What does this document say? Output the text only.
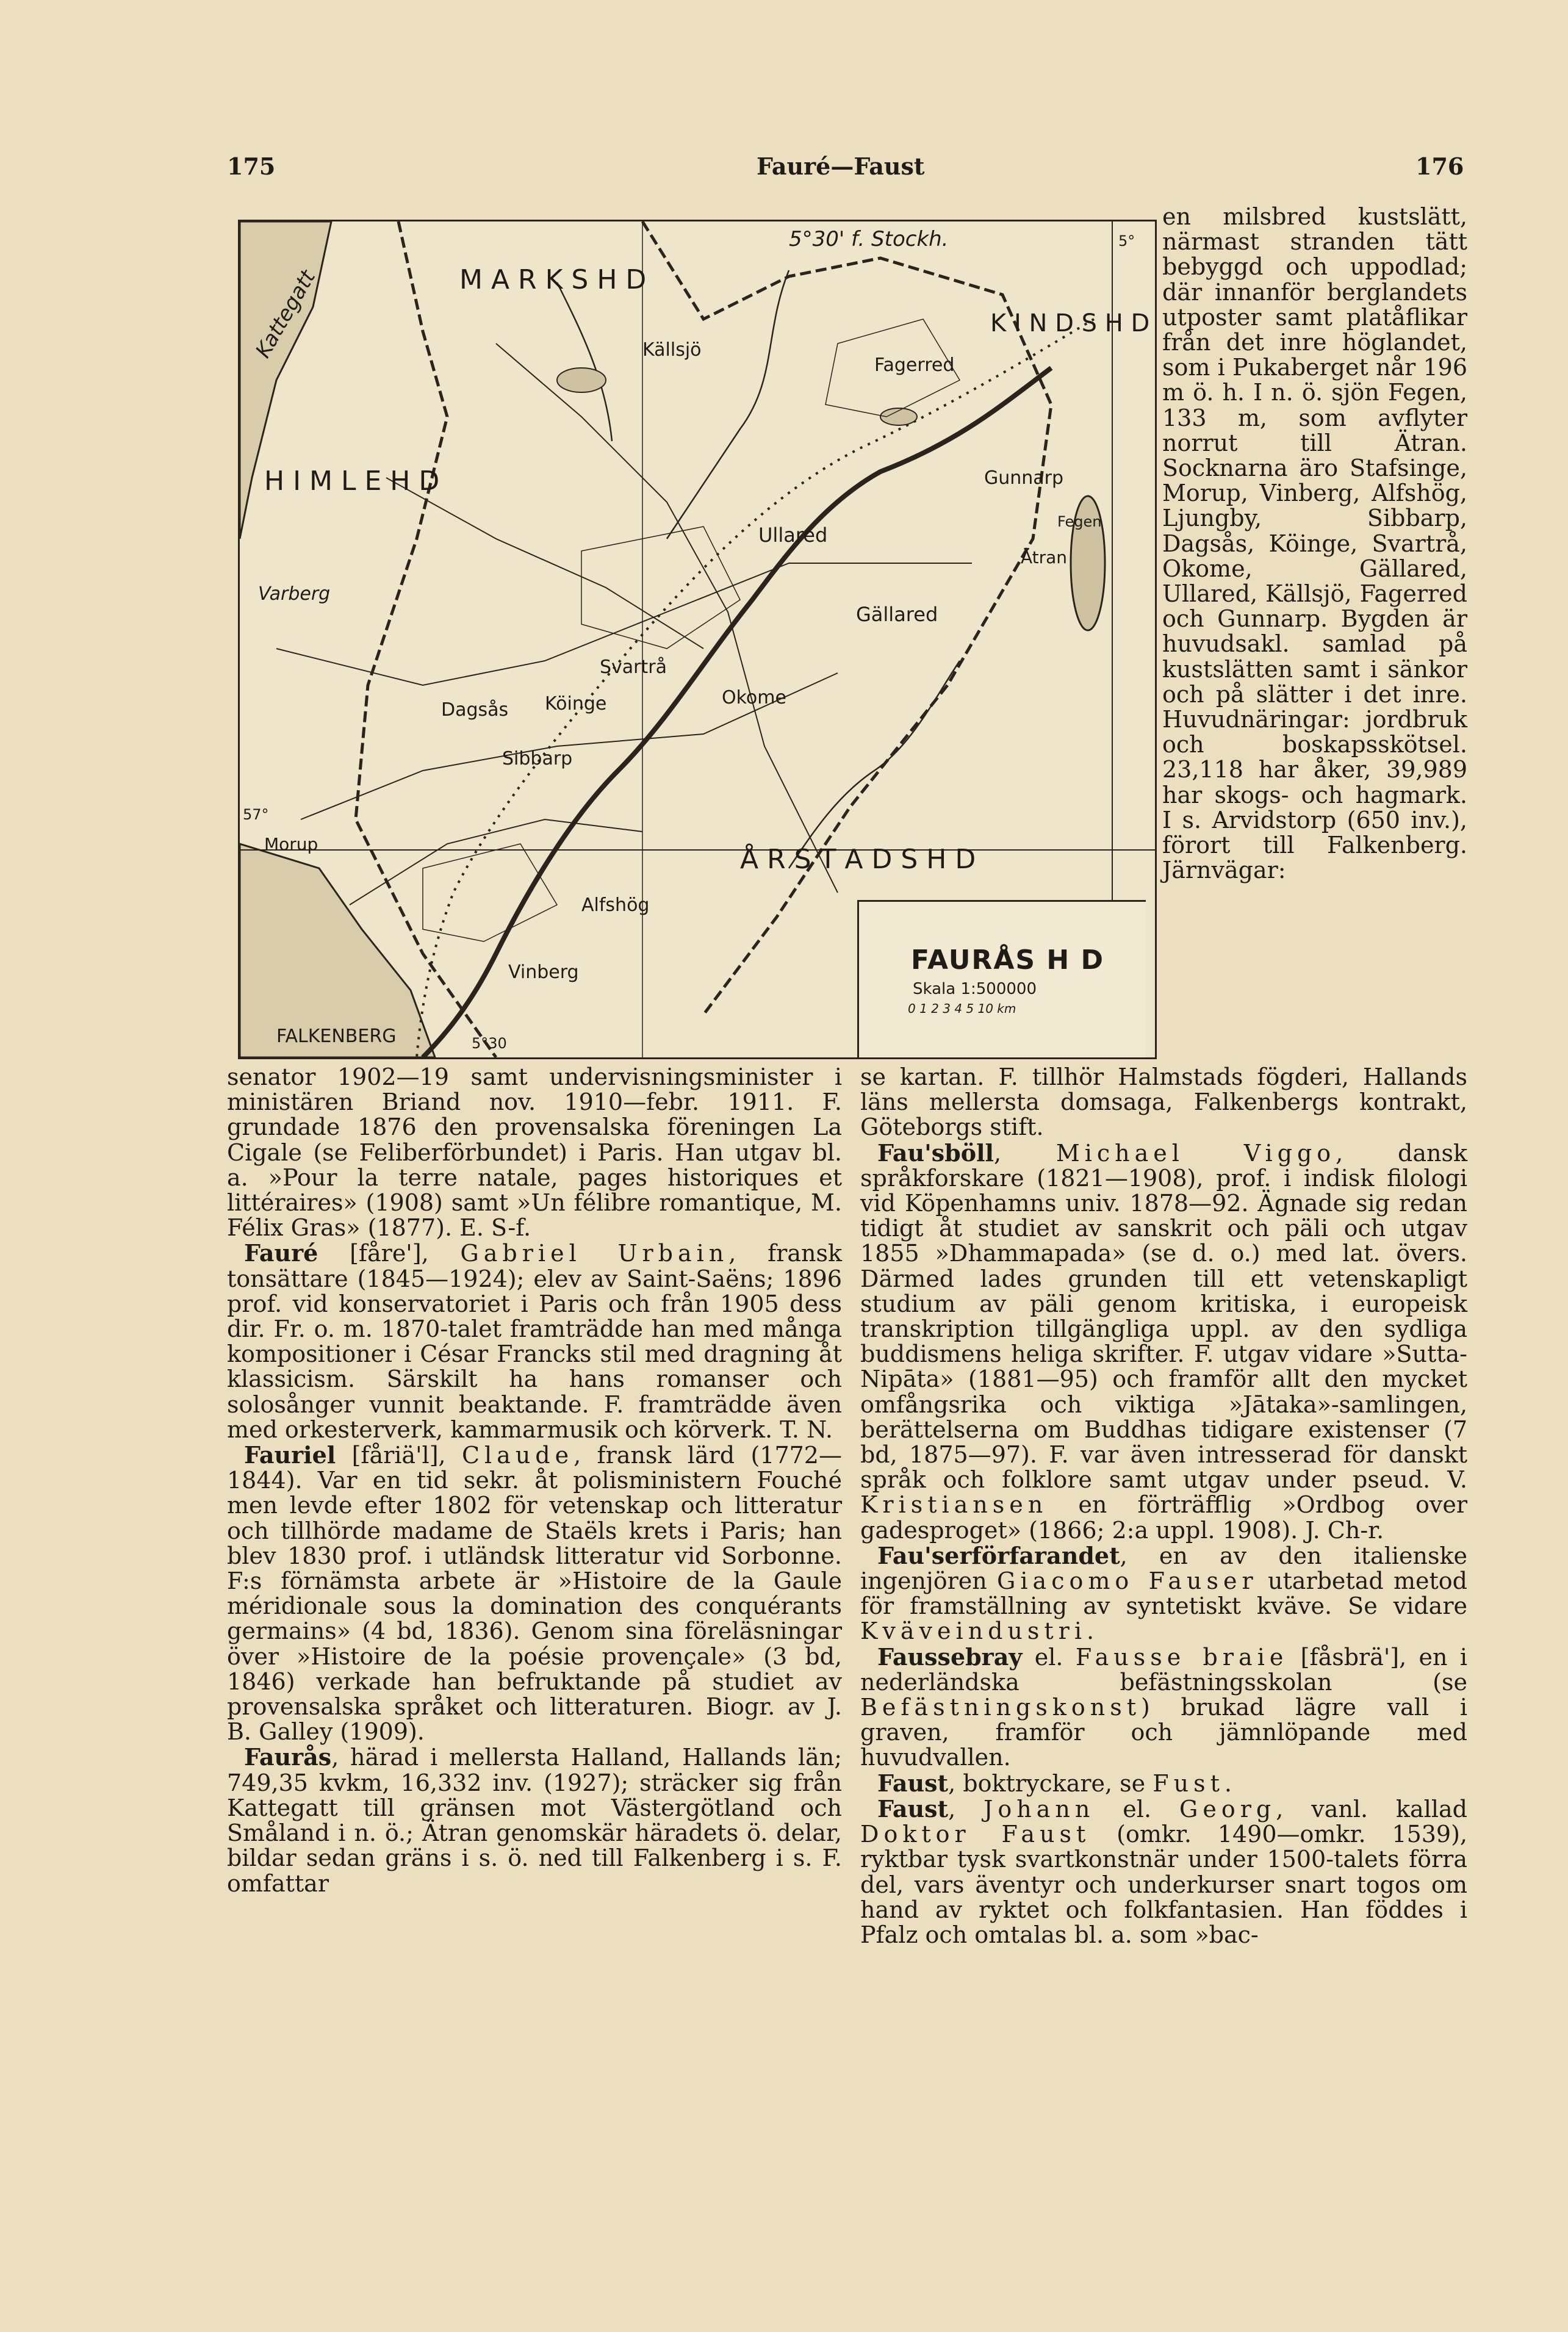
175	Fauré—Faust	176
5°30' f. Stockh.
M A R K S H D
H I M L E H D
K I N D S H D
Å R S T A D S H D
Kattegatt
Varberg
FALKENBERG
Ullared
Gällared
Fagerred
Källsjö
Svartrå
Okome
Dagsås Köinge
Sibbarp
Alfshög
Morup
Vinberg
Gunnarp
Ätran
Fegen
57°
5°
5°30
FAURÅS H D
Skala 1:500000
0 1 2 3 4 5 10 km

en milsbred kustslätt, närmast stranden tätt bebyggd och uppodlad; där innanför berglandets utposter samt platåflikar från det inre höglandet, som i Pukaberget når 196 m ö. h. I n. ö. sjön Fegen, 133 m, som avflyter norrut till Ätran. Socknarna äro Stafsinge, Morup, Vinberg, Alfshög, Ljungby, Sibbarp, Dagsås, Köinge, Svartrå, Okome, Gällared, Ullared, Källsjö, Fagerred och Gunnarp. Bygden är huvudsakl. samlad på kustslätten samt i sänkor och på slätter i det inre. Huvudnäringar: jordbruk och boskapsskötsel. 23,118 har åker, 39,989 har skogs- och hagmark. I s. Arvidstorp (650 inv.), förort till Falkenberg. Järnvägar:

senator 1902—19 samt undervisningsminister i ministären Briand nov. 1910—febr. 1911. F. grundade 1876 den provensalska föreningen La Cigale (se Feliberförbundet) i Paris. Han utgav bl. a. »Pour la terre natale, pages historiques et littéraires» (1908) samt »Un félibre romantique, M. Félix Gras» (1877). E. S-f.

Fauré [fåre'], Gabriel Urbain, fransk tonsättare (1845—1924); elev av Saint-Saëns; 1896 prof. vid konservatoriet i Paris och från 1905 dess dir. Fr. o. m. 1870-talet framträdde han med många kompositioner i César Francks stil med dragning åt klassicism. Särskilt ha hans romanser och solosånger vunnit beaktande. F. framträdde även med orkesterverk, kammarmusik och körverk. T. N.

Fauriel [fåriä'l], Claude, fransk lärd (1772—1844). Var en tid sekr. åt polisministern Fouché men levde efter 1802 för vetenskap och litteratur och tillhörde madame de Staëls krets i Paris; han blev 1830 prof. i utländsk litteratur vid Sorbonne. F:s förnämsta arbete är »Histoire de la Gaule méridionale sous la domination des conquérants germains» (4 bd, 1836). Genom sina föreläsningar över »Histoire de la poésie provençale» (3 bd, 1846) verkade han befruktande på studiet av provensalska språket och litteraturen. Biogr. av J. B. Galley (1909).

Faurås, härad i mellersta Halland, Hallands län; 749,35 kvkm, 16,332 inv. (1927); sträcker sig från Kattegatt till gränsen mot Västergötland och Småland i n. ö.; Ätran genomskär häradets ö. delar, bildar sedan gräns i s. ö. ned till Falkenberg i s. F. omfattar

se kartan. F. tillhör Halmstads fögderi, Hallands läns mellersta domsaga, Falkenbergs kontrakt, Göteborgs stift.

Fau'sböll, Michael Viggo, dansk språkforskare (1821—1908), prof. i indisk filologi vid Köpenhamns univ. 1878—92. Ägnade sig redan tidigt åt studiet av sanskrit och päli och utgav 1855 »Dhammapada» (se d. o.) med lat. övers. Därmed lades grunden till ett vetenskapligt studium av päli genom kritiska, i europeisk transkription tillgängliga uppl. av den sydliga buddismens heliga skrifter. F. utgav vidare »Sutta-Nipāta» (1881—95) och framför allt den mycket omfångsrika och viktiga »Jātaka»-samlingen, berättelserna om Buddhas tidigare existenser (7 bd, 1875—97). F. var även intresserad för danskt språk och folklore samt utgav under pseud. V. Kristiansen en förträfflig »Ordbog over gadesproget» (1866; 2:a uppl. 1908). J. Ch-r.

Fau'serförfarandet, en av den italienske ingenjören Giacomo Fauser utarbetad metod för framställning av syntetiskt kväve. Se vidare Kväveindustri.

Faussebray el. Fausse braie [fåsbrä'], en i nederländska befästningsskolan (se Befästningskonst) brukad lägre vall i graven, framför och jämnlöpande med huvudvallen.

Faust, boktryckare, se Fust.

Faust, Johann el. Georg, vanl. kallad Doktor Faust (omkr. 1490—omkr. 1539), ryktbar tysk svartkonstnär under 1500-talets förra del, vars äventyr och underkurser snart togos om hand av ryktet och folkfantasien. Han föddes i Pfalz och omtalas bl. a. som »bac-
